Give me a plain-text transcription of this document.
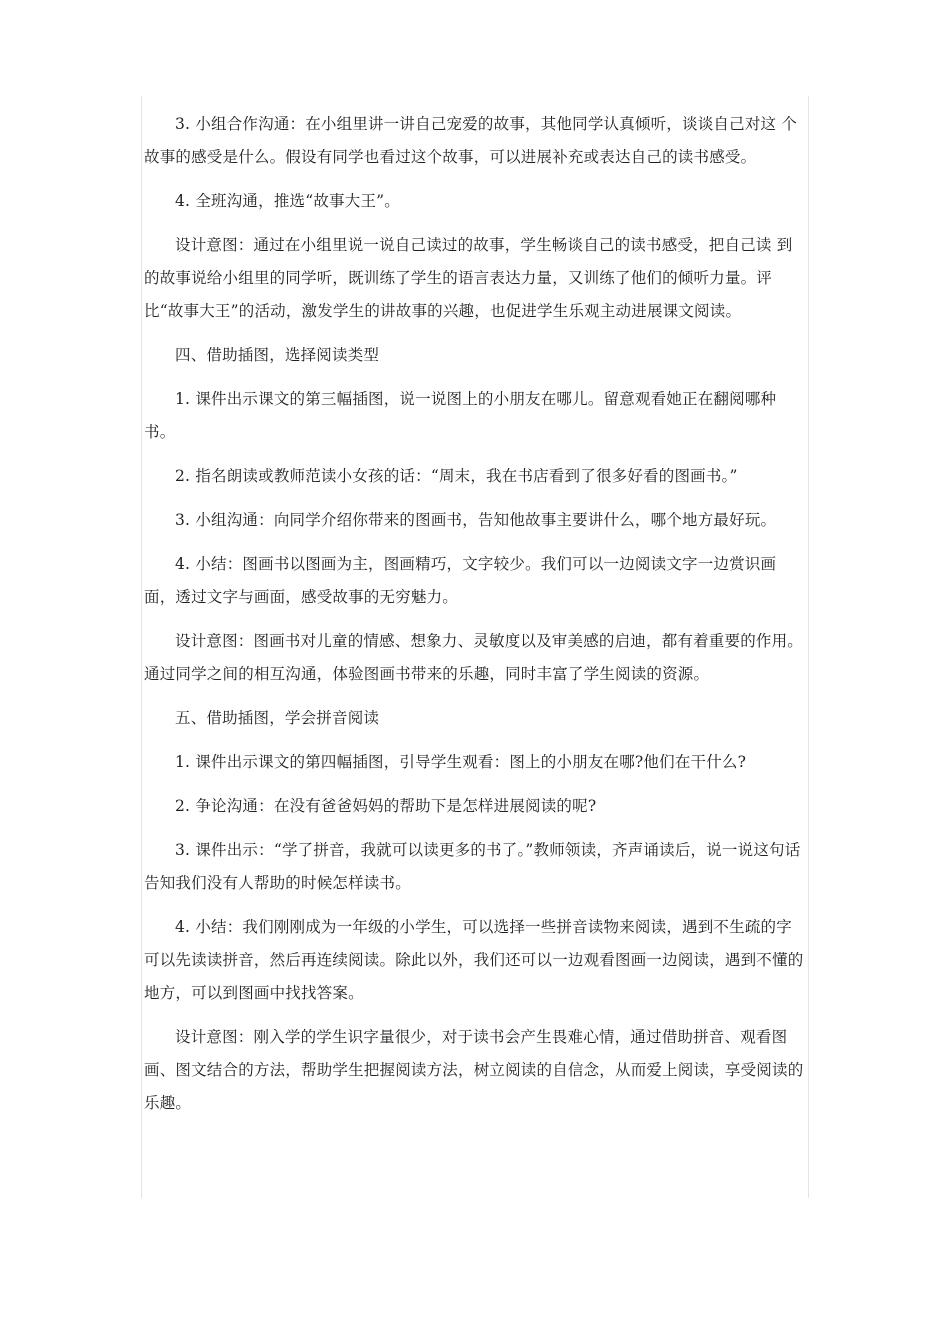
3. 小组合作沟通：在小组里讲一讲自己宠爱的故事，其他同学认真倾听，谈谈自己对这 个故事的感受是什么。假设有同学也看过这个故事，可以进展补充或表达自己的读书感受。

4. 全班沟通，推选“故事大王”。

设计意图：通过在小组里说一说自己读过的故事，学生畅谈自己的读书感受，把自己读 到的故事说给小组里的同学听，既训练了学生的语言表达力量，又训练了他们的倾听力量。评比“故事大王”的活动，激发学生的讲故事的兴趣，也促进学生乐观主动进展课文阅读。

四、借助插图，选择阅读类型

1. 课件出示课文的第三幅插图，说一说图上的小朋友在哪儿。留意观看她正在翻阅哪种书。

2. 指名朗读或教师范读小女孩的话：“周末，我在书店看到了很多好看的图画书。”

3. 小组沟通：向同学介绍你带来的图画书，告知他故事主要讲什么，哪个地方最好玩。

4. 小结：图画书以图画为主，图画精巧，文字较少。我们可以一边阅读文字一边赏识画面，透过文字与画面，感受故事的无穷魅力。

设计意图：图画书对儿童的情感、想象力、灵敏度以及审美感的启迪，都有着重要的作用。通过同学之间的相互沟通，体验图画书带来的乐趣，同时丰富了学生阅读的资源。

五、借助插图，学会拼音阅读

1. 课件出示课文的第四幅插图，引导学生观看：图上的小朋友在哪?他们在干什么?

2. 争论沟通：在没有爸爸妈妈的帮助下是怎样进展阅读的呢?

3. 课件出示：“学了拼音，我就可以读更多的书了。”教师领读，齐声诵读后，说一说这句话告知我们没有人帮助的时候怎样读书。

4. 小结：我们刚刚成为一年级的小学生，可以选择一些拼音读物来阅读，遇到不生疏的字可以先读读拼音，然后再连续阅读。除此以外，我们还可以一边观看图画一边阅读，遇到不懂的地方，可以到图画中找找答案。

设计意图：刚入学的学生识字量很少，对于读书会产生畏难心情，通过借助拼音、观看图画、图文结合的方法，帮助学生把握阅读方法，树立阅读的自信念，从而爱上阅读，享受阅读的乐趣。
